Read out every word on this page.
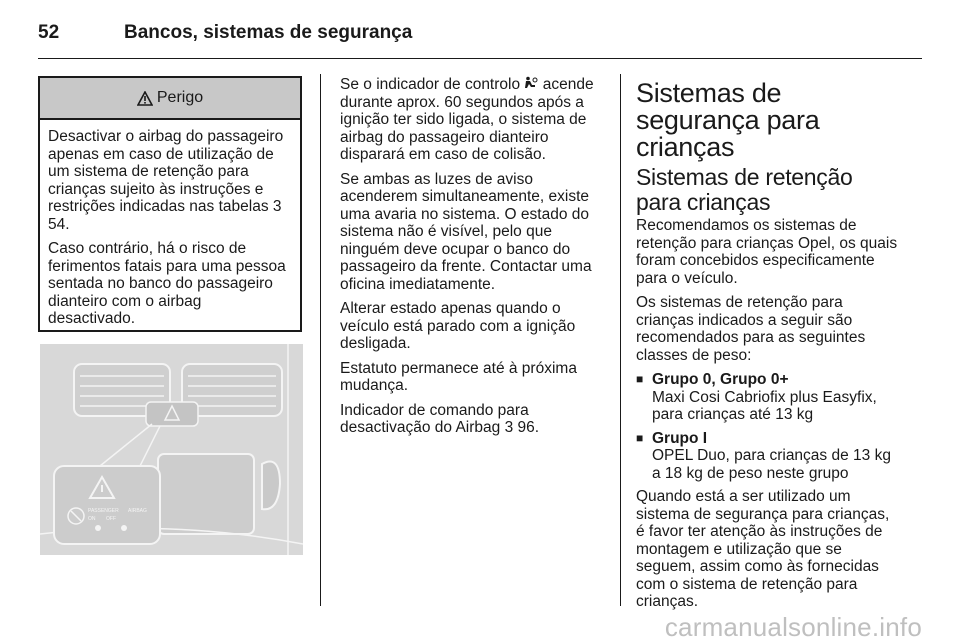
52	Bancos, sistemas de segurança
Perigo

Desactivar o airbag do passageiro apenas em caso de utilização de um sistema de retenção para crianças sujeito às instruções e restrições indicadas nas tabelas 3 54.

Caso contrário, há o risco de ferimentos fatais para uma pessoa sentada no banco do passageiro dianteiro com o airbag desactivado.

PASSENGER AIRBAG
ON OFF

Se o indicador de controlo acende durante aprox. 60 segundos após a ignição ter sido ligada, o sistema de airbag do passageiro dianteiro disparará em caso de colisão.

Se ambas as luzes de aviso acenderem simultaneamente, existe uma avaria no sistema. O estado do sistema não é visível, pelo que ninguém deve ocupar o banco do passageiro da frente. Contactar uma oficina imediatamente.

Alterar estado apenas quando o veículo está parado com a ignição desligada.

Estatuto permanece até à próxima mudança.

Indicador de comando para desactivação do Airbag 3 96.

Sistemas de segurança para crianças
Sistemas de retenção para crianças

Recomendamos os sistemas de retenção para crianças Opel, os quais foram concebidos especificamente para o veículo.

Os sistemas de retenção para crianças indicados a seguir são recomendados para as seguintes classes de peso:

■ Grupo 0, Grupo 0+
Maxi Cosi Cabriofix plus Easyfix, para crianças até 13 kg
■ Grupo I
OPEL Duo, para crianças de 13 kg a 18 kg de peso neste grupo

Quando está a ser utilizado um sistema de segurança para crianças, é favor ter atenção às instruções de montagem e utilização que se seguem, assim como às fornecidas com o sistema de retenção para crianças.

carmanualsonline.info
